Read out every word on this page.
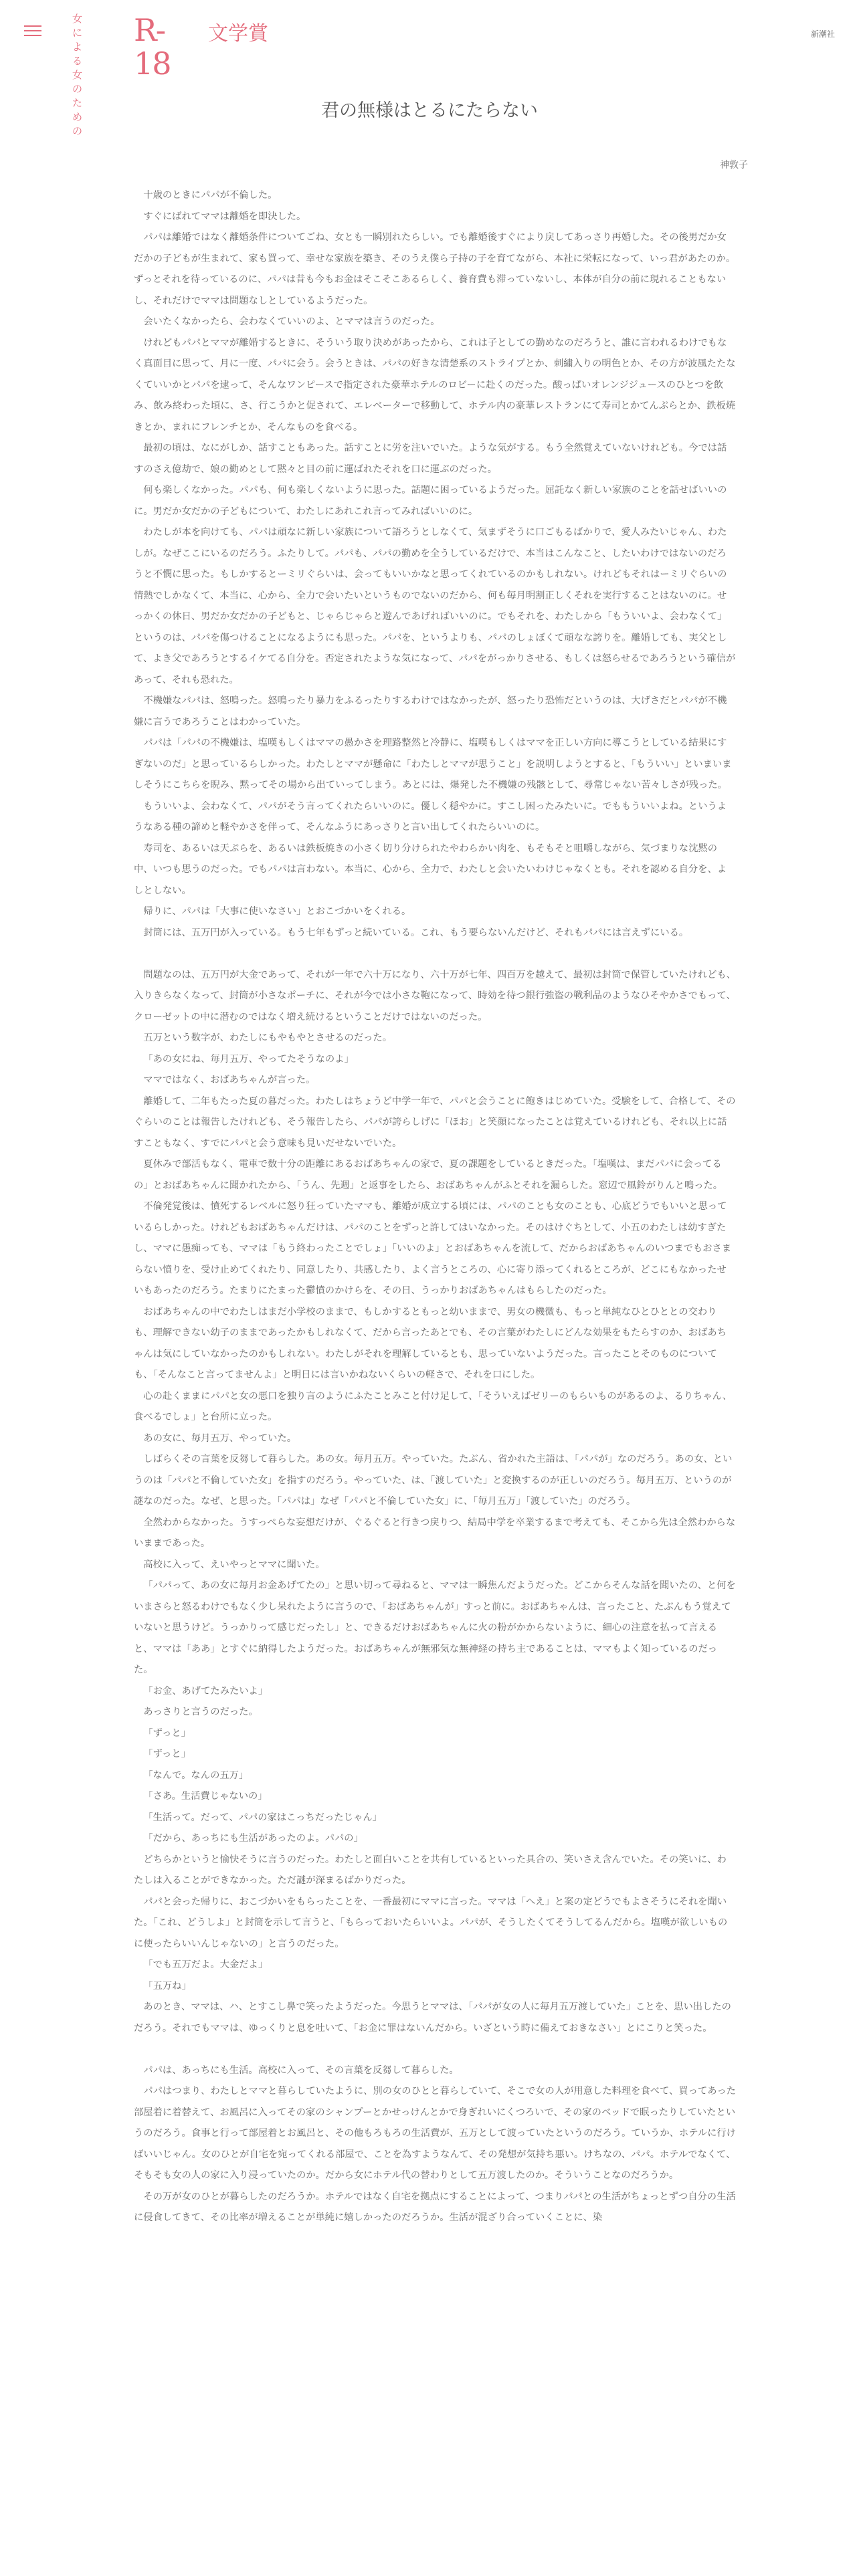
女による
女のための
R-18
文学賞	新潮社
君の無様はとるにたらない
神敦子

十歳のときにパパが不倫した。

すぐにばれてママは離婚を即決した。

パパは離婚ではなく離婚条件についてごね、女とも一瞬別れたらしい。でも離婚後すぐにより戻してあっさり再婚した。その後男だか女だかの子どもが生まれて、家も買って、幸せな家族を築き、そのうえ僕ら子持の子を育てながら、本社に栄転になって、いっ君があたのか。ずっとそれを待っているのに、パパは昔も今もお金はそこそこあるらしく、養育費も滞っていないし、本体が自分の前に現れることもないし、それだけでママは問題なしとしているようだった。

会いたくなかったら、会わなくていいのよ、とママは言うのだった。

けれどもパパとママが離婚するときに、そういう取り決めがあったから、これは子としての勤めなのだろうと、誰に言われるわけでもなく真面目に思って、月に一度、パパに会う。会うときは、パパの好きな清楚系のストライプとか、刺繍入りの明色とか、その方が波風たたなくていいかとパパを逮って、そんなワンピースで指定された豪華ホテルのロビーに赴くのだった。酸っぱいオレンジジュースのひとつを飲み、飲み終わった頃に、さ、行こうかと促されて、エレベーターで移動して、ホテル内の豪華レストランにて寿司とかてんぷらとか、鉄板焼きとか、まれにフレンチとか、そんなものを食べる。

最初の頃は、なにがしか、話すこともあった。話すことに労を注いでいた。ような気がする。もう全然覚えていないけれども。今では話すのさえ億劫で、娘の勤めとして黙々と目の前に運ばれたそれを口に運ぶのだった。

何も楽しくなかった。パパも、何も楽しくないように思った。話題に困っているようだった。屈託なく新しい家族のことを話せばいいのに。男だか女だかの子どもについて、わたしにあれこれ言ってみればいいのに。

わたしが本を向けても、パパは頑なに新しい家族について語ろうとしなくて、気まずそうに口ごもるばかりで、愛人みたいじゃん、わたしが。なぜここにいるのだろう。ふたりして。パパも、パパの勤めを全うしているだけで、本当はこんなこと、したいわけではないのだろうと不憫に思った。もしかするとーミリぐらいは、会ってもいいかなと思ってくれているのかもしれない。けれどもそれはーミリぐらいの情熱でしかなくて、本当に、心から、全力で会いたいというものでないのだから、何も毎月明割正しくそれを実行することはないのに。せっかくの休日、男だか女だかの子どもと、じゃらじゃらと遊んであげればいいのに。でもそれを、わたしから「もういいよ、会わなくて」というのは、パパを傷つけることになるようにも思った。パパを、というよりも、パパのしょぼくて頑なな誇りを。離婚しても、実父として、よき父であろうとするイケてる自分を。否定されたような気になって、パパをがっかりさせる、もしくは怒らせるであろうという確信があって、それも恐れた。

不機嫌なパパは、怒鳴った。怒鳴ったり暴力をふるったりするわけではなかったが、怒ったり恐怖だというのは、大げさだとパパが不機嫌に言うであろうことはわかっていた。

パパは「パパの不機嫌は、塩嘆もしくはママの愚かさを理路整然と冷静に、塩嘆もしくはママを正しい方向に導こうとしている結果にすぎないのだ」と思っているらしかった。わたしとママが懸命に「わたしとママが思うこと」を説明しようとすると、「もういい」といまいましそうにこちらを睨み、黙ってその場から出ていってしまう。あとには、爆発した不機嫌の残骸として、尋常じゃない苦々しさが残った。

もういいよ、会わなくて、パパがそう言ってくれたらいいのに。優しく穏やかに。すこし困ったみたいに。でももういいよね。というようなある種の諦めと軽やかさを伴って、そんなふうにあっさりと言い出してくれたらいいのに。

寿司を、あるいは天ぷらを、あるいは鉄板焼きの小さく切り分けられたやわらかい肉を、もそもそと咀嚼しながら、気づまりな沈黙の中、いつも思うのだった。でもパパは言わない。本当に、心から、全力で、わたしと会いたいわけじゃなくとも。それを認める自分を、よしとしない。

帰りに、パパは「大事に使いなさい」とおこづかいをくれる。

封筒には、五万円が入っている。もう七年もずっと続いている。これ、もう要らないんだけど、それもパパには言えずにいる。

問題なのは、五万円が大金であって、それが一年で六十万になり、六十万が七年、四百万を越えて、最初は封筒で保管していたけれども、入りきらなくなって、封筒が小さなポーチに、それが今では小さな鞄になって、時効を待つ銀行強盗の戦利品のようなひそやかさでもって、クローゼットの中に潜むのではなく増え続けるということだけではないのだった。

五万という数字が、わたしにもやもやとさせるのだった。

「あの女にね、毎月五万、やってたそうなのよ」

ママではなく、おばあちゃんが言った。

離婚して、二年もたった夏の暮だった。わたしはちょうど中学一年で、パパと会うことに飽きはじめていた。受験をして、合格して、そのぐらいのことは報告したけれども、そう報告したら、パパが誇らしげに「ほお」と笑顔になったことは覚えているけれども、それ以上に話すこともなく、すでにパパと会う意味も見いだせないでいた。

夏休みで部活もなく、電車で数十分の距離にあるおばあちゃんの家で、夏の課題をしているときだった。「塩嘆は、まだパパに会ってるの」とおばあちゃんに聞かれたから、「うん、先週」と返事をしたら、おばあちゃんがふとそれを漏らした。窓辺で風鈴がりんと鳴った。

不倫発覚後は、憤死するレベルに怒り狂っていたママも、離婚が成立する頃には、パパのことも女のことも、心底どうでもいいと思っているらしかった。けれどもおばあちゃんだけは、パパのことをずっと許してはいなかった。そのはけぐちとして、小五のわたしは幼すぎたし、ママに愚痴っても、ママは「もう終わったことでしょ」「いいのよ」とおばあちゃんを流して、だからおばあちゃんのいつまでもおさまらない憤りを、受け止めてくれたり、同意したり、共感したり、よく言うところの、心に寄り添ってくれるところが、どこにもなかったせいもあったのだろう。たまりにたまった鬱憤のかけらを、その日、うっかりおばあちゃんはもらしたのだった。

おばあちゃんの中でわたしはまだ小学校のままで、もしかするともっと幼いままで、男女の機微も、もっと単純なひとひととの交わりも、理解できない幼子のままであったかもしれなくて、だから言ったあとでも、その言葉がわたしにどんな効果をもたらすのか、おばあちゃんは気にしていなかったのかもしれない。わたしがそれを理解しているとも、思っていないようだった。言ったことそのものについても、「そんなこと言ってませんよ」と明日には言いかねないくらいの軽さで、それを口にした。

心の赴くままにパパと女の悪口を独り言のようにふたことみこと付け足して、「そういえばゼリーのもらいものがあるのよ、るりちゃん、食べるでしょ」と台所に立った。

あの女に、毎月五万、やっていた。

しばらくその言葉を反芻して暮らした。あの女。毎月五万。やっていた。たぶん、省かれた主語は、「パパが」なのだろう。あの女、というのは「パパと不倫していた女」を指すのだろう。やっていた、は、「渡していた」と変換するのが正しいのだろう。毎月五万、というのが謎なのだった。なぜ、と思った。「パパは」なぜ「パパと不倫していた女」に、「毎月五万」「渡していた」のだろう。

全然わからなかった。うすっぺらな妄想だけが、ぐるぐると行きつ戻りつ、結局中学を卒業するまで考えても、そこから先は全然わからないままであった。

高校に入って、えいやっとママに聞いた。

「パパって、あの女に毎月お金あげてたの」と思い切って尋ねると、ママは一瞬焦んだようだった。どこからそんな話を聞いたの、と何をいまさらと怒るわけでもなく少し呆れたように言うので、「おばあちゃんが」すっと前に。おばあちゃんは、言ったこと、たぶんもう覚えていないと思うけど。うっかりって感じだったし」と、できるだけおばあちゃんに火の粉がかからないように、細心の注意を払って言えると、ママは「ああ」とすぐに納得したようだった。おばあちゃんが無邪気な無神経の持ち主であることは、ママもよく知っているのだった。

「お金、あげてたみたいよ」

あっさりと言うのだった。

「ずっと」

「ずっと」

「なんで。なんの五万」

「さあ。生活費じゃないの」

「生活って。だって、パパの家はこっちだったじゃん」

「だから、あっちにも生活があったのよ。パパの」

どちらかというと愉快そうに言うのだった。わたしと面白いことを共有しているといった具合の、笑いさえ含んでいた。その笑いに、わたしは入ることができなかった。ただ謎が深まるばかりだった。

パパと会った帰りに、おこづかいをもらったことを、一番最初にママに言った。ママは「へえ」と案の定どうでもよさそうにそれを聞いた。「これ、どうしよ」と封筒を示して言うと、「もらっておいたらいいよ。パパが、そうしたくてそうしてるんだから。塩嘆が欲しいものに使ったらいいんじゃないの」と言うのだった。

「でも五万だよ。大金だよ」

「五万ね」

あのとき、ママは、ハ、とすこし鼻で笑ったようだった。今思うとママは、「パパが女の人に毎月五万渡していた」ことを、思い出したのだろう。それでもママは、ゆっくりと息を吐いて、「お金に罪はないんだから。いざという時に備えておきなさい」とにこりと笑った。

パパは、あっちにも生活。高校に入って、その言葉を反芻して暮らした。

パパはつまり、わたしとママと暮らしていたように、別の女のひとと暮らしていて、そこで女の人が用意した料理を食べて、買ってあった部屋着に着替えて、お風呂に入ってその家のシャンプーとかせっけんとかで身ぎれいにくつろいで、その家のベッドで眠ったりしていたというのだろう。食事と行って部屋着とお風呂と、その他もろもろの生活費が、五万として渡っていたというのだろう。ていうか、ホテルに行けばいいじゃん。女のひとが自宅を宛ってくれる部屋で、ことを為すようなんて、その発想が気持ち悪い。けちなの、パパ。ホテルでなくて、そもそも女の人の家に入り浸っていたのか。だから女にホテル代の替わりとして五万渡したのか。そういうことなのだろうか。

その万が女のひとが暮らしたのだろうか。ホテルではなく自宅を拠点にすることによって、つまりパパとの生活がちょっとずつ自分の生活に侵食してきて、その比率が増えることが単純に嬉しかったのだろうか。生活が混ざり合っていくことに、染
